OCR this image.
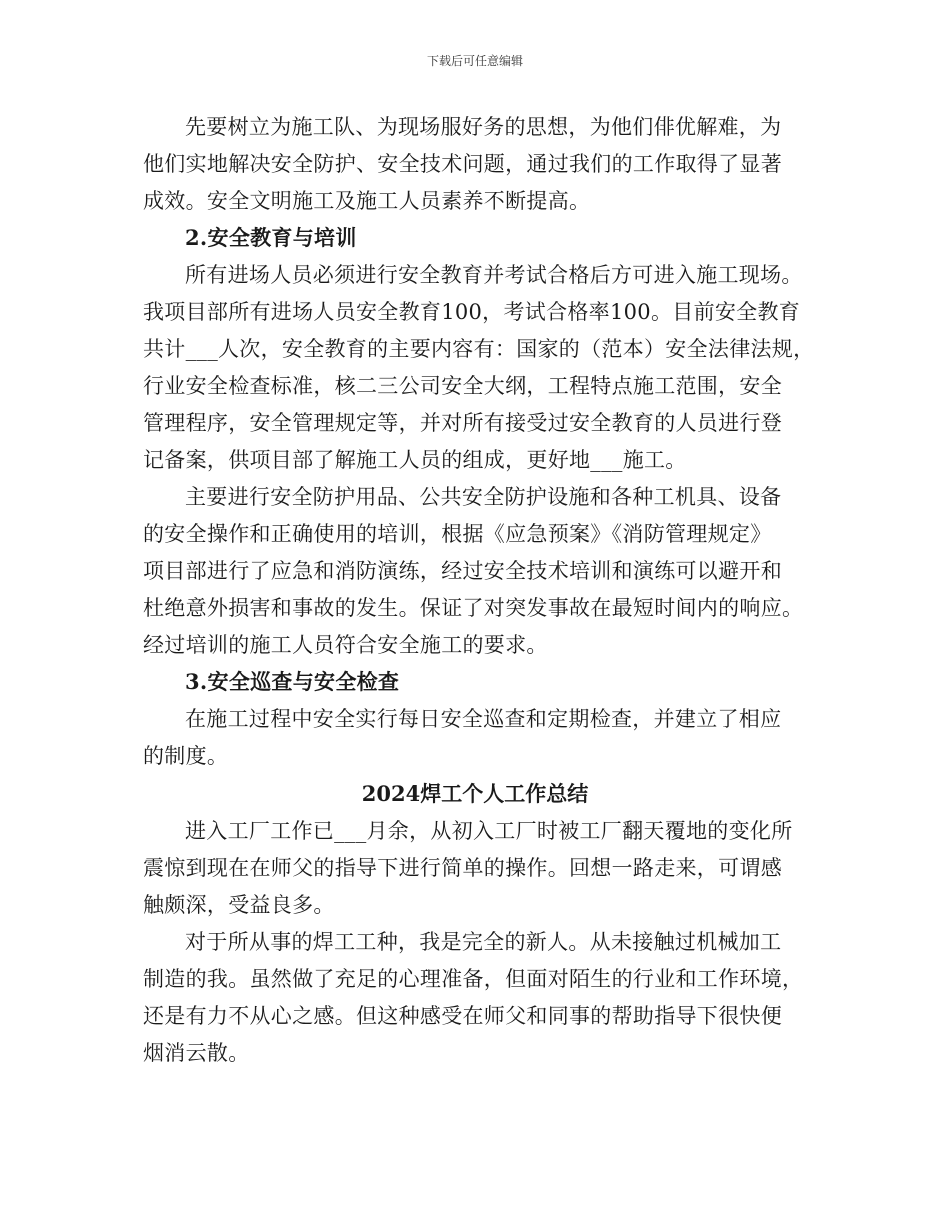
下载后可任意编辑
先要树立为施工队、为现场服好务的思想，为他们俳优解难，为
他们实地解决安全防护、安全技术问题，通过我们的工作取得了显著
成效。安全文明施工及施工人员素养不断提高。
2.安全教育与培训
所有进场人员必须进行安全教育并考试合格后方可进入施工现场。
我项目部所有进场人员安全教育100，考试合格率100。目前安全教育
共计___人次，安全教育的主要内容有：国家的（范本）安全法律法规，
行业安全检查标准，核二三公司安全大纲，工程特点施工范围，安全
管理程序，安全管理规定等，并对所有接受过安全教育的人员进行登
记备案，供项目部了解施工人员的组成，更好地___施工。
主要进行安全防护用品、公共安全防护设施和各种工机具、设备
的安全操作和正确使用的培训，根据《应急预案》《消防管理规定》
项目部进行了应急和消防演练，经过安全技术培训和演练可以避开和
杜绝意外损害和事故的发生。保证了对突发事故在最短时间内的响应。
经过培训的施工人员符合安全施工的要求。
3.安全巡查与安全检查
在施工过程中安全实行每日安全巡查和定期检查，并建立了相应
的制度。
2024焊工个人工作总结
进入工厂工作已___月余，从初入工厂时被工厂翻天覆地的变化所
震惊到现在在师父的指导下进行简单的操作。回想一路走来，可谓感
触颇深，受益良多。
对于所从事的焊工工种，我是完全的新人。从未接触过机械加工
制造的我。虽然做了充足的心理准备，但面对陌生的行业和工作环境，
还是有力不从心之感。但这种感受在师父和同事的帮助指导下很快便
烟消云散。
